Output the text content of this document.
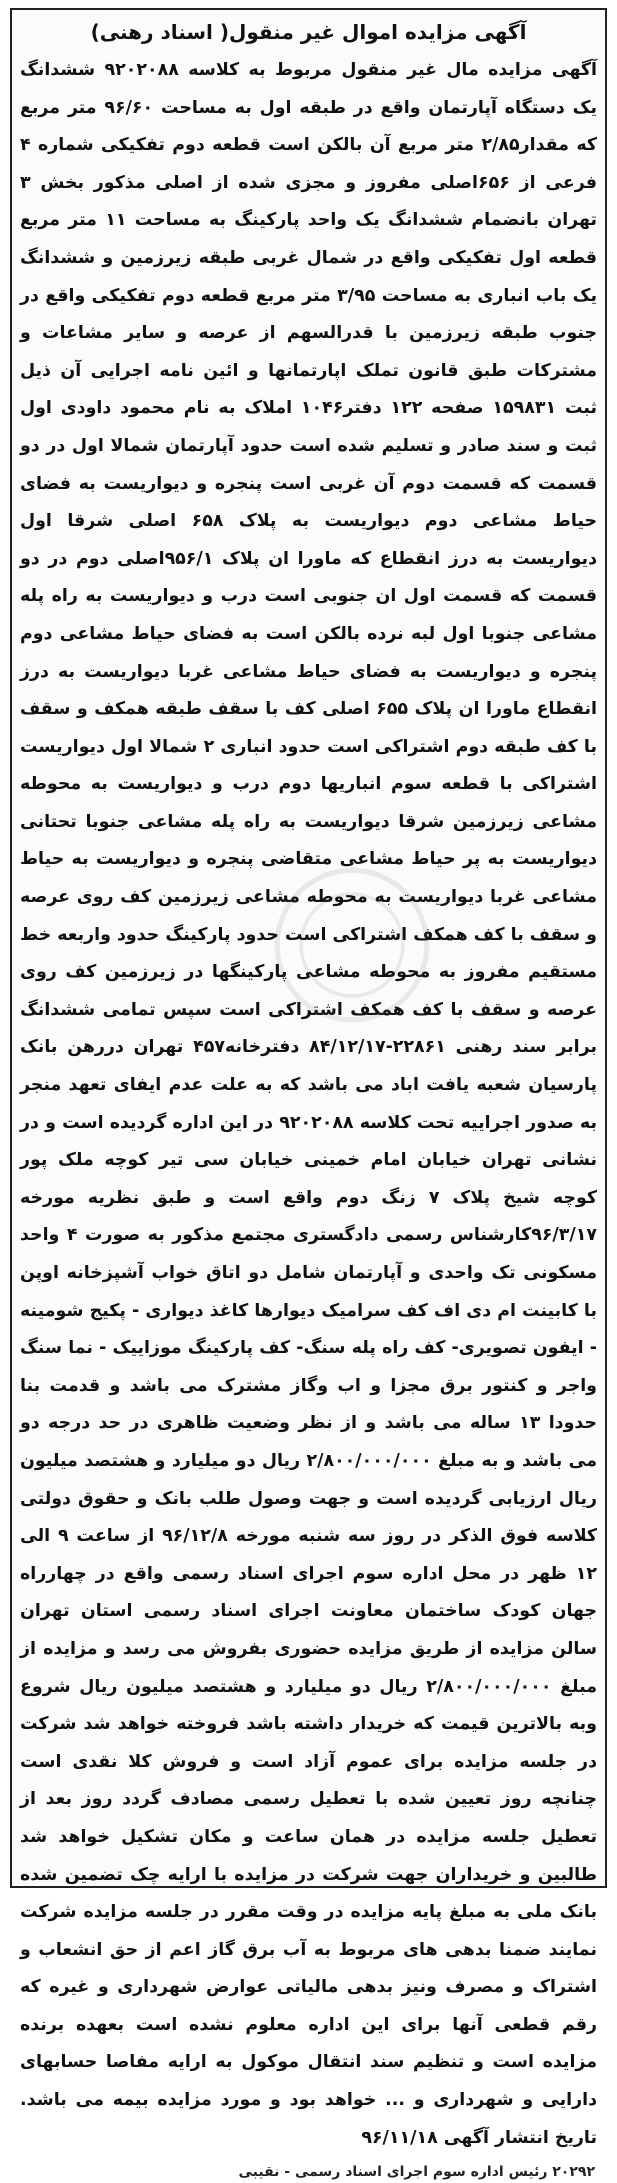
آگهی مزایده اموال غیر منقول( اسناد رهنی)
آگهی مزایده مال غیر منقول مربوط به کلاسه ۹۲۰۲۰۸۸ ششدانگ یک دستگاه آپارتمان واقع در طبقه اول به مساحت ۹۶/۶۰ متر مربع که مقدار۲/۸۵ متر مربع آن بالکن است قطعه دوم تفکیکی شماره ۴ فرعی از ۶۵۶اصلی مفروز و مجزی شده از اصلی مذکور بخش ۳ تهران بانضمام ششدانگ یک واحد پارکینگ به مساحت ۱۱ متر مربع قطعه اول تفکیکی واقع در شمال غربی طبقه زیرزمین و ششدانگ یک باب انباری به مساحت ۳/۹۵ متر مربع قطعه دوم تفکیکی واقع در جنوب طبقه زیرزمین با قدرالسهم از عرصه و سایر مشاعات و مشترکات طبق قانون تملک اپارتمانها و ائین نامه اجرایی آن ذیل ثبت ۱۵۹۸۳۱ صفحه ۱۲۲ دفتر۱۰۴۶ املاک به نام محمود داودی اول ثبت و سند صادر و تسلیم شده است حدود آپارتمان شمالا اول در دو قسمت که قسمت دوم آن غربی است پنجره و دیواریست به فضای حیاط مشاعی دوم دیواریست به پلاک ۶۵۸ اصلی شرقا اول دیواریست به درز انقطاع که ماورا ان پلاک ۹۵۶/۱اصلی دوم در دو قسمت که قسمت اول ان جنوبی است درب و دیواریست به راه پله مشاعی جنوبا اول لبه نرده بالکن است به فضای حیاط مشاعی دوم پنجره و دیواریست به فضای حیاط مشاعی غربا دیواریست به درز انقطاع ماورا ان پلاک ۶۵۵ اصلی کف با سقف طبقه همکف و سقف با کف طبقه دوم اشتراکی است حدود انباری ۲ شمالا اول دیواریست اشتراکی با قطعه سوم انباریها دوم درب و دیواریست به محوطه مشاعی زیرزمین شرقا دیواریست به راه پله مشاعی جنوبا تحتانی دیواریست به پر حیاط مشاعی متقاضی پنجره و دیواریست به حیاط مشاعی غربا دیواریست به محوطه مشاعی زیرزمین کف روی عرصه و سقف با کف همکف اشتراکی است حدود پارکینگ حدود واربعه خط مستقیم مفروز به محوطه مشاعی پارکینگها در زیرزمین کف روی عرصه و سقف با کف همکف اشتراکی است سپس تمامی ششدانگ برابر سند رهنی ۲۲۸۶۱-۸۴/۱۲/۱۷ دفترخانه۴۵۷ تهران دررهن بانک پارسیان شعبه یافت اباد می باشد که به علت عدم ایفای تعهد منجر به صدور اجراییه تحت کلاسه ۹۲۰۲۰۸۸ در این اداره گردیده است و در نشانی تهران خیابان امام خمینی خیابان سی تیر کوچه ملک پور کوچه شیخ پلاک ۷ زنگ دوم واقع است و طبق نظریه مورخه ۹۶/۳/۱۷کارشناس رسمی دادگستری مجتمع مذکور به صورت ۴ واحد مسکونی تک واحدی و آپارتمان شامل دو اتاق خواب آشپزخانه اوپن با کابینت ام دی اف کف سرامیک دیوارها کاغذ دیواری - پکیج شومینه - ایفون تصویری- کف راه پله سنگ- کف پارکینگ موزاییک - نما سنگ واجر و کنتور برق مجزا و اب وگاز مشترک می باشد و قدمت بنا حدودا ۱۳ ساله می باشد و از نظر وضعیت ظاهری در حد درجه دو می باشد و به مبلغ ۲/۸۰۰/۰۰۰/۰۰۰ ریال دو میلیارد و هشتصد میلیون ریال ارزیابی گردیده است و جهت وصول طلب بانک و حقوق دولتی کلاسه فوق الذکر در روز سه شنبه مورخه ۹۶/۱۲/۸ از ساعت ۹ الی ۱۲ ظهر در محل اداره سوم اجرای اسناد رسمی واقع در چهارراه جهان کودک ساختمان معاونت اجرای اسناد رسمی استان تهران سالن مزایده از طریق مزایده حضوری بفروش می رسد و مزایده از مبلغ ۲/۸۰۰/۰۰۰/۰۰۰ ریال دو میلیارد و هشتصد میلیون ریال شروع وبه بالاترین قیمت که خریدار داشته باشد فروخته خواهد شد شرکت در جلسه مزایده برای عموم آزاد است و فروش کلا نقدی است چنانچه روز تعیین شده با تعطیل رسمی مصادف گردد روز بعد از تعطیل جلسه مزایده در همان ساعت و مکان تشکیل خواهد شد طالبین و خریداران جهت شرکت در مزایده با ارایه چک تضمین شده بانک ملی به مبلغ پایه مزایده در وقت مقرر در جلسه مزایده شرکت نمایند ضمنا بدهی های مربوط به آب برق گاز اعم از حق انشعاب و اشتراک و مصرف ونیز بدهی مالیاتی عوارض شهرداری و غیره که رقم قطعی آنها برای این اداره معلوم نشده است بعهده برنده مزایده است و تنظیم سند انتقال موکول به ارایه مفاصا حسابهای دارایی و شهرداری و ... خواهد بود و مورد مزایده بیمه می باشد. تاریخ انتشار آگهی ۹۶/۱۱/۱۸
۲۰۲۹۲ رئیس اداره سوم اجرای اسناد رسمی - نقیبی
